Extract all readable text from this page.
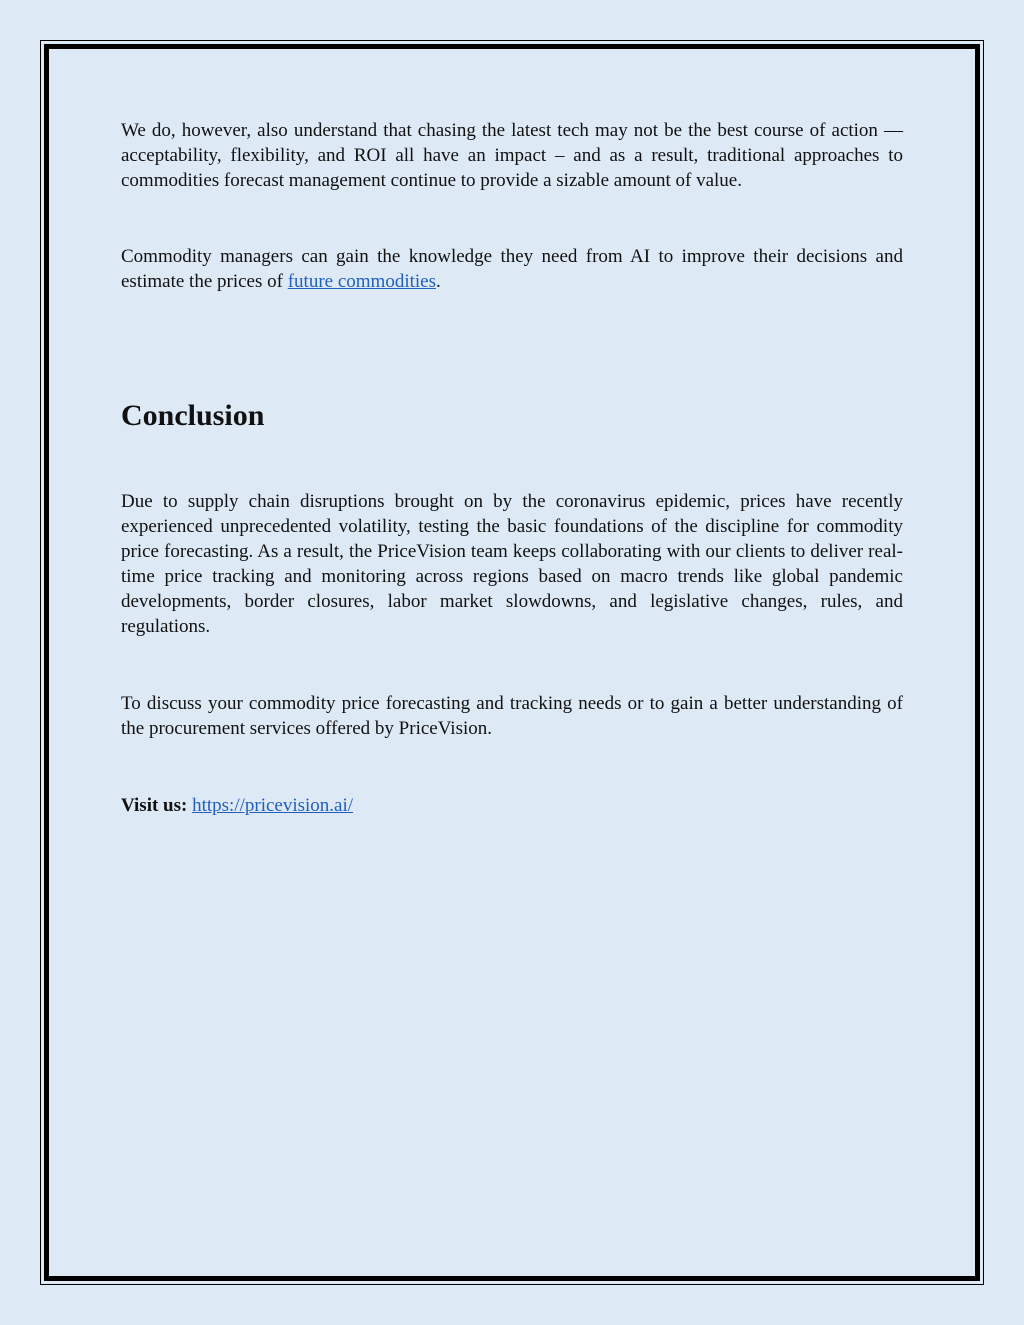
We do, however, also understand that chasing the latest tech may not be the best course of action — acceptability, flexibility, and ROI all have an impact – and as a result, traditional approaches to commodities forecast management continue to provide a sizable amount of value.

Commodity managers can gain the knowledge they need from AI to improve their decisions and estimate the prices of future commodities.

Conclusion

Due to supply chain disruptions brought on by the coronavirus epidemic, prices have recently experienced unprecedented volatility, testing the basic foundations of the discipline for commodity price forecasting. As a result, the PriceVision team keeps collaborating with our clients to deliver real-time price tracking and monitoring across regions based on macro trends like global pandemic developments, border closures, labor market slowdowns, and legislative changes, rules, and regulations.

To discuss your commodity price forecasting and tracking needs or to gain a better understanding of the procurement services offered by PriceVision.

Visit us: https://pricevision.ai/
